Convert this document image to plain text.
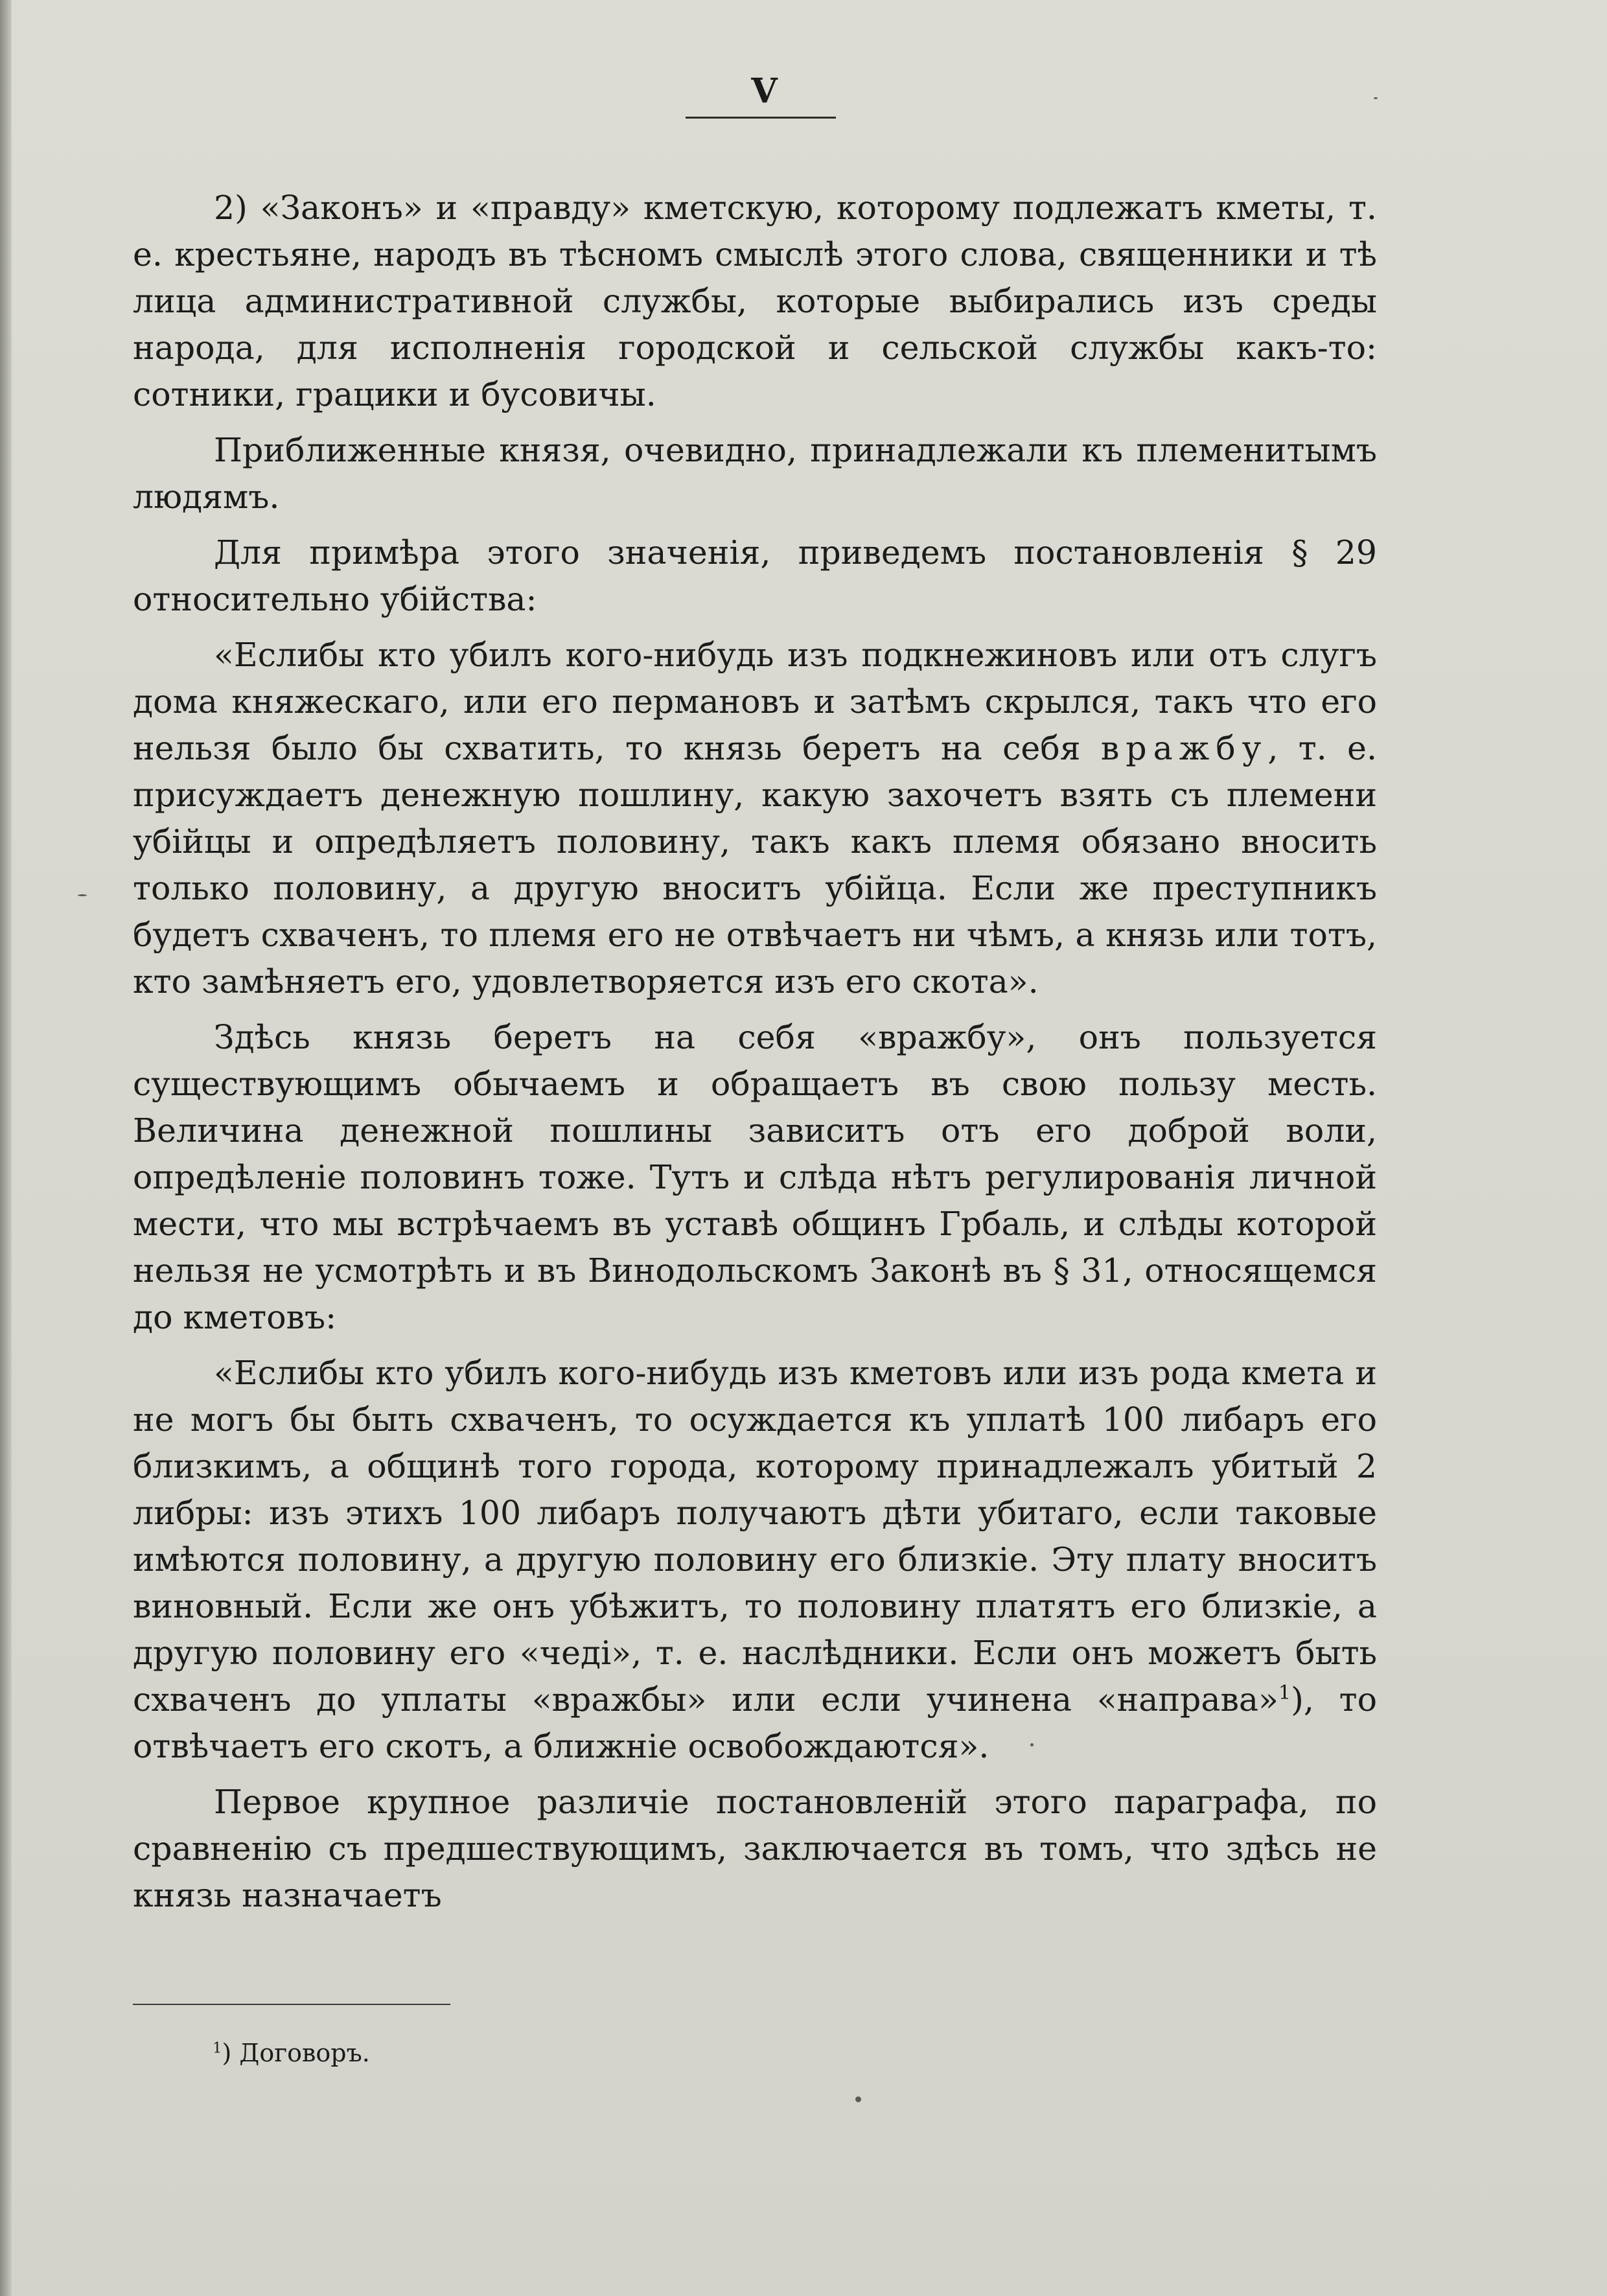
V

2) «Законъ» и «правду» кметскую, которому подлежатъ кметы, т. е. крестьяне, народъ въ тѣсномъ смыслѣ этого слова, священники и тѣ лица административной службы, которые выбирались изъ среды народа, для исполненія городской и сельской службы какъ-то: сотники, грацики и бусовичы.

Приближенные князя, очевидно, принадлежали къ племенитымъ людямъ.

Для примѣра этого значенія, приведемъ постановленія § 29 относительно убійства:

«Еслибы кто убилъ кого-нибудь изъ подкнежиновъ или отъ слугъ дома княжескаго, или его пермановъ и затѣмъ скрылся, такъ что его нельзя было бы схватить, то князь беретъ на себя вражбу, т. е. присуждаетъ денежную пошлину, какую захочетъ взять съ племени убійцы и опредѣляетъ половину, такъ какъ племя обязано вносить только половину, а другую вноситъ убійца. Если же преступникъ будетъ схваченъ, то племя его не отвѣчаетъ ни чѣмъ, а князь или тотъ, кто замѣняетъ его, удовлетворяется изъ его скота».

Здѣсь князь беретъ на себя «вражбу», онъ пользуется существующимъ обычаемъ и обращаетъ въ свою пользу месть. Величина денежной пошлины зависитъ отъ его доброй воли, опредѣленіе половинъ тоже. Тутъ и слѣда нѣтъ регулированія личной мести, что мы встрѣчаемъ въ уставѣ общинъ Грбаль, и слѣды которой нельзя не усмотрѣть и въ Винодольскомъ Законѣ въ § 31, относящемся до кметовъ:

«Еслибы кто убилъ кого-нибудь изъ кметовъ или изъ рода кмета и не могъ бы быть схваченъ, то осуждается къ уплатѣ 100 либаръ его близкимъ, а общинѣ того города, которому принадлежалъ убитый 2 либры: изъ этихъ 100 либаръ получаютъ дѣти убитаго, если таковые имѣются половину, а другую половину его близкіе. Эту плату вноситъ виновный. Если же онъ убѣжитъ, то половину платятъ его близкіе, а другую половину его «чеді», т. е. наслѣдники. Если онъ можетъ быть схваченъ до уплаты «вражбы» или если учинена «направа»$^1$), то отвѣчаетъ его скотъ, а ближніе освобождаются».

Первое крупное различіе постановленій этого параграфа, по сравненію съ предшествующимъ, заключается въ томъ, что здѣсь не князь назначаетъ

$^1$) Договоръ.
